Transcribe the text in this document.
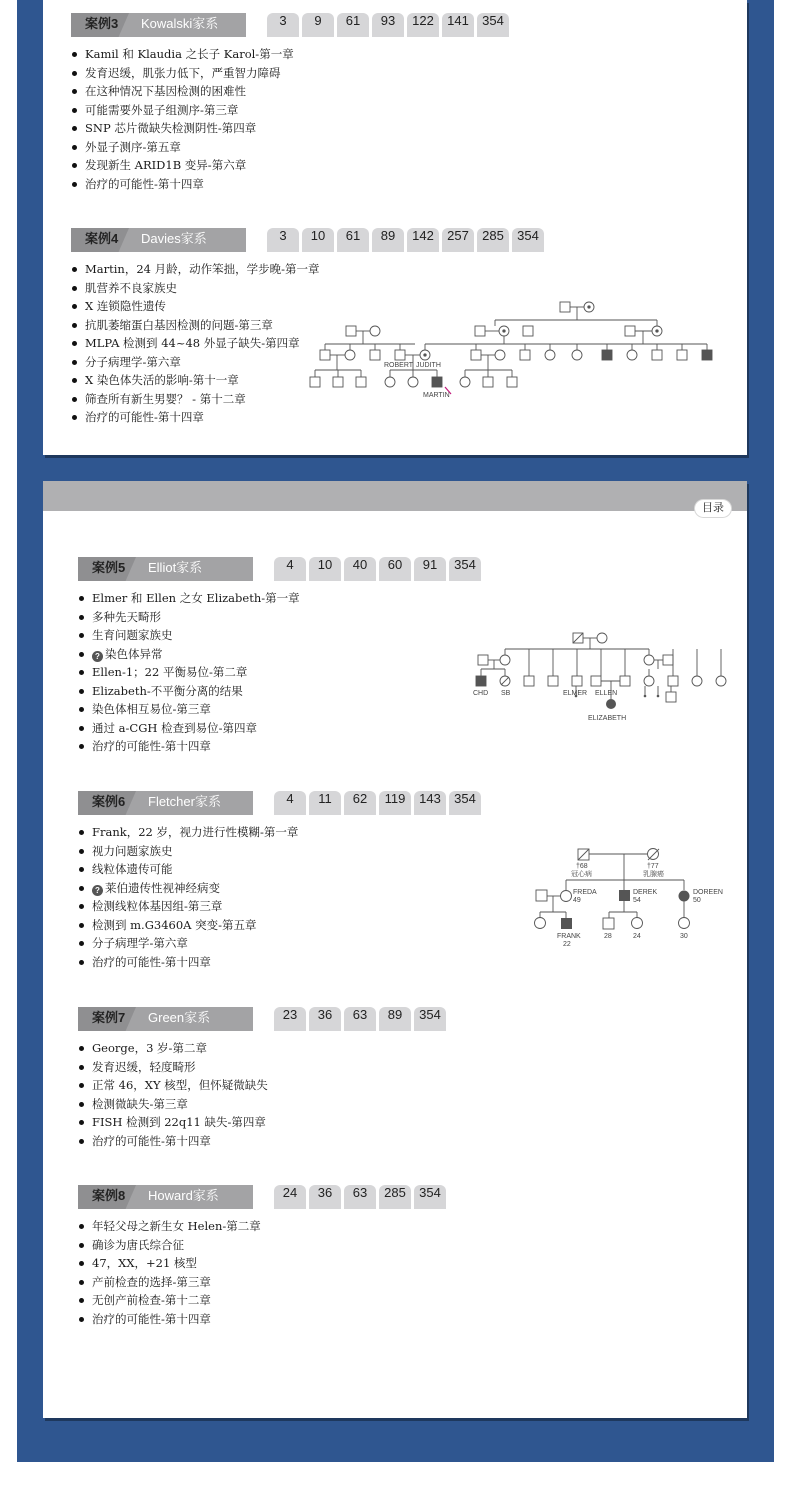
案例3 Kowalski家系	3	9	61	93	122	141	354
Kamil 和 Klaudia 之长子 Karol-第一章
发育迟缓，肌张力低下，严重智力障碍
在这种情况下基因检测的困难性
可能需要外显子组测序-第三章
SNP 芯片微缺失检测阴性-第四章
外显子测序-第五章
发现新生 ARID1B 变异-第六章
治疗的可能性-第十四章
案例4 Davies家系	3	10	61	89	142	257	285	354
Martin，24 月龄，动作笨拙，学步晚-第一章
肌营养不良家族史
X 连锁隐性遗传
抗肌萎缩蛋白基因检测的问题-第三章
MLPA 检测到 44~48 外显子缺失-第四章
分子病理学-第六章
X 染色体失活的影响-第十一章
筛查所有新生男婴？ - 第十二章
治疗的可能性-第十四章
ROBERT JUDITH
MARTIN
目录
案例5 Elliot家系	4	10	40	60	91	354
Elmer 和 Ellen 之女 Elizabeth-第一章
多种先天畸形
生育问题家族史
? 染色体异常
Ellen-1；22 平衡易位-第二章
Elizabeth-不平衡分离的结果
染色体相互易位-第三章
通过 a-CGH 检查到易位-第四章
治疗的可能性-第十四章
CHD SB	ELMER ELLEN
ELIZABETH
案例6 Fletcher家系	4	11	62	119	143	354
Frank，22 岁，视力进行性模糊-第一章
视力问题家族史
线粒体遗传可能
? 莱伯遗传性视神经病变
检测线粒体基因组-第三章
检测到 m.G3460A 突变-第五章
分子病理学-第六章
治疗的可能性-第十四章
†68
冠心病
†77
乳腺癌
FREDA
49
DEREK
54
DOREEN
50
FRANK
22
28	24	30
案例7 Green家系	23	36	63	89	354
George，3 岁-第二章
发育迟缓，轻度畸形
正常 46，XY 核型，但怀疑微缺失
检测微缺失-第三章
FISH 检测到 22q11 缺失-第四章
治疗的可能性-第十四章
案例8 Howard家系	24	36	63	285	354
年轻父母之新生女 Helen-第二章
确诊为唐氏综合征
47，XX，+21 核型
产前检查的选择-第三章
无创产前检查-第十二章
治疗的可能性-第十四章
